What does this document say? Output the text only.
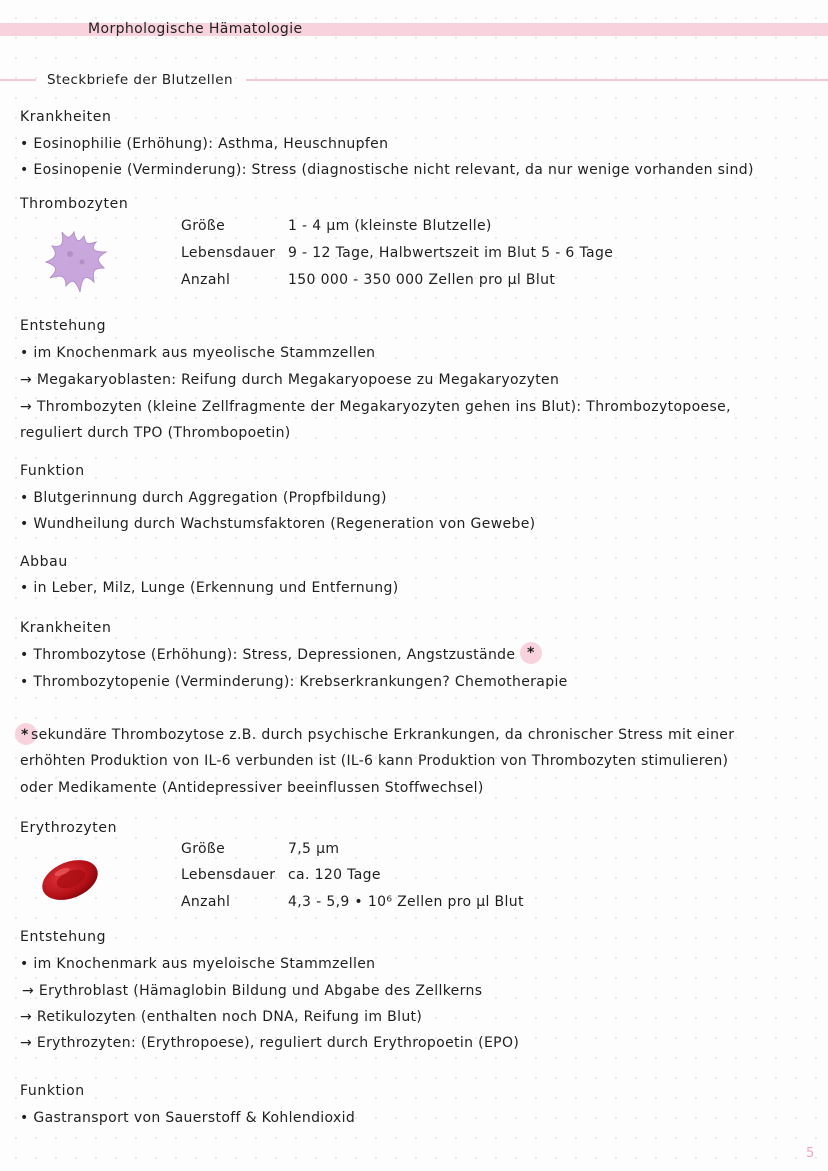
Morphologische Hämatologie
Steckbriefe der Blutzellen
Krankheiten
• Eosinophilie (Erhöhung): Asthma, Heuschnupfen
• Eosinopenie (Verminderung): Stress (diagnostische nicht relevant, da nur wenige vorhanden sind)
Thrombozyten
Größe	1 - 4 µm (kleinste Blutzelle)
Lebensdauer 9 - 12 Tage, Halbwertszeit im Blut 5 - 6 Tage
Anzahl	150 000 - 350 000 Zellen pro µl Blut
Entstehung
• im Knochenmark aus myeolische Stammzellen
→ Megakaryoblasten: Reifung durch Megakaryopoese zu Megakaryozyten
→ Thrombozyten (kleine Zellfragmente der Megakaryozyten gehen ins Blut): Thrombozytopoese,
reguliert durch TPO (Thrombopoetin)
Funktion
• Blutgerinnung durch Aggregation (Propfbildung)
• Wundheilung durch Wachstumsfaktoren (Regeneration von Gewebe)
Abbau
• in Leber, Milz, Lunge (Erkennung und Entfernung)
Krankheiten
• Thrombozytose (Erhöhung): Stress, Depressionen, Angstzustände *
• Thrombozytopenie (Verminderung): Krebserkrankungen? Chemotherapie
* sekundäre Thrombozytose z.B. durch psychische Erkrankungen, da chronischer Stress mit einer
erhöhten Produktion von IL-6 verbunden ist (IL-6 kann Produktion von Thrombozyten stimulieren)
oder Medikamente (Antidepressiver beeinflussen Stoffwechsel)
Erythrozyten
Größe	7,5 µm
Lebensdauer ca. 120 Tage
Anzahl	4,3 - 5,9 • 10⁶ Zellen pro µl Blut
Entstehung
• im Knochenmark aus myeloische Stammzellen
→ Erythroblast (Hämaglobin Bildung und Abgabe des Zellkerns
→ Retikulozyten (enthalten noch DNA, Reifung im Blut)
→ Erythrozyten: (Erythropoese), reguliert durch Erythropoetin (EPO)
Funktion
• Gastransport von Sauerstoff & Kohlendioxid
5
